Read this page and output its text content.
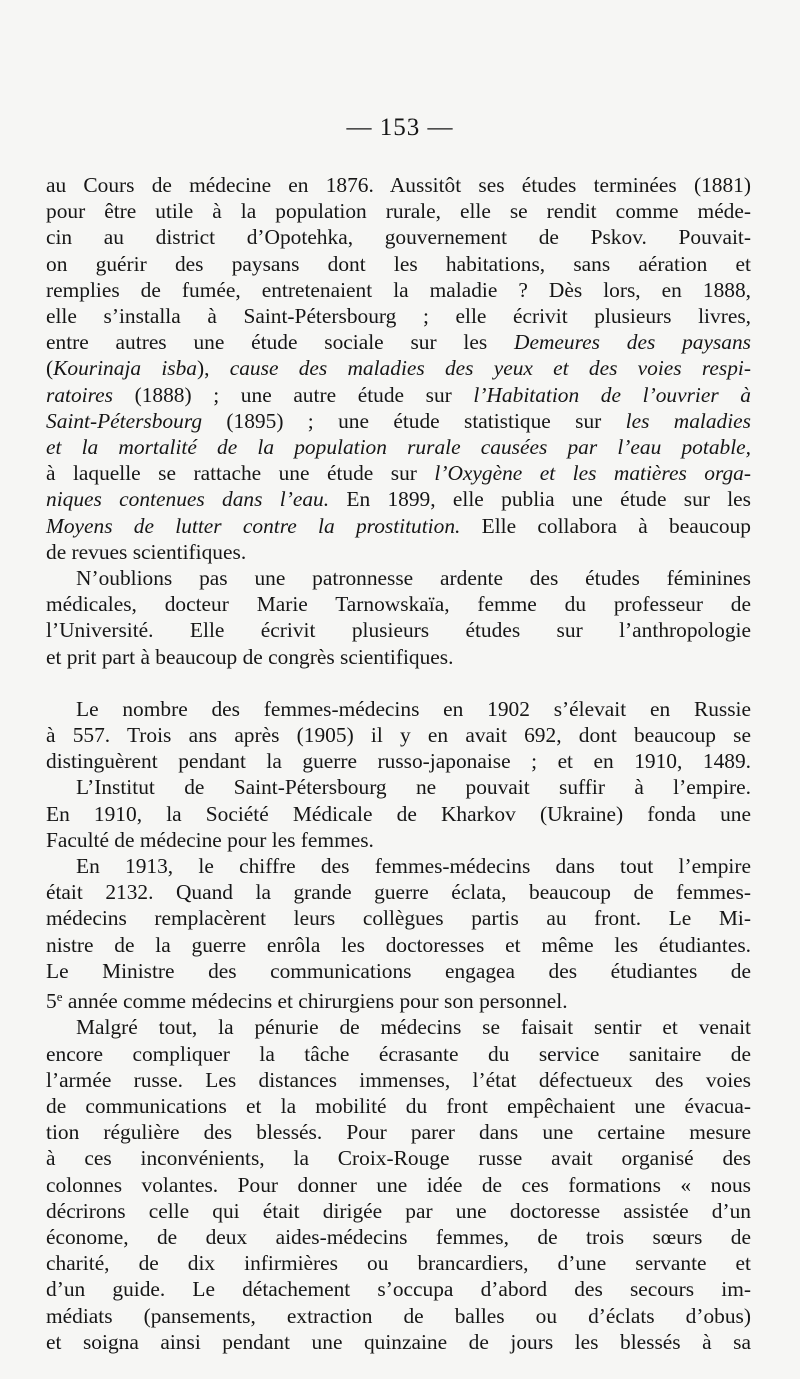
— 153 —
au Cours de médecine en 1876. Aussitôt ses études terminées (1881)
pour être utile à la population rurale, elle se rendit comme méde-
cin au district d’Opotehka, gouvernement de Pskov. Pouvait-
on guérir des paysans dont les habitations, sans aération et
remplies de fumée, entretenaient la maladie ? Dès lors, en 1888,
elle s’installa à Saint-Pétersbourg ; elle écrivit plusieurs livres,
entre autres une étude sociale sur les Demeures des paysans
(Kourinaja isba), cause des maladies des yeux et des voies respi-
ratoires (1888) ; une autre étude sur l’Habitation de l’ouvrier à
Saint-Pétersbourg (1895) ; une étude statistique sur les maladies
et la mortalité de la population rurale causées par l’eau potable,
à laquelle se rattache une étude sur l’Oxygène et les matières orga-
niques contenues dans l’eau. En 1899, elle publia une étude sur les
Moyens de lutter contre la prostitution. Elle collabora à beaucoup
de revues scientifiques.
N’oublions pas une patronnesse ardente des études féminines
médicales, docteur Marie Tarnowskaïa, femme du professeur de
l’Université. Elle écrivit plusieurs études sur l’anthropologie
et prit part à beaucoup de congrès scientifiques.
Le nombre des femmes-médecins en 1902 s’élevait en Russie
à 557. Trois ans après (1905) il y en avait 692, dont beaucoup se
distinguèrent pendant la guerre russo-japonaise ; et en 1910, 1489.
L’Institut de Saint-Pétersbourg ne pouvait suffir à l’empire.
En 1910, la Société Médicale de Kharkov (Ukraine) fonda une
Faculté de médecine pour les femmes.
En 1913, le chiffre des femmes-médecins dans tout l’empire
était 2132. Quand la grande guerre éclata, beaucoup de femmes-
médecins remplacèrent leurs collègues partis au front. Le Mi-
nistre de la guerre enrôla les doctoresses et même les étudiantes.
Le Ministre des communications engagea des étudiantes de
5e année comme médecins et chirurgiens pour son personnel.
Malgré tout, la pénurie de médecins se faisait sentir et venait
encore compliquer la tâche écrasante du service sanitaire de
l’armée russe. Les distances immenses, l’état défectueux des voies
de communications et la mobilité du front empêchaient une évacua-
tion régulière des blessés. Pour parer dans une certaine mesure
à ces inconvénients, la Croix-Rouge russe avait organisé des
colonnes volantes. Pour donner une idée de ces formations « nous
décrirons celle qui était dirigée par une doctoresse assistée d’un
économe, de deux aides-médecins femmes, de trois sœurs de
charité, de dix infirmières ou brancardiers, d’une servante et
d’un guide. Le détachement s’occupa d’abord des secours im-
médiats (pansements, extraction de balles ou d’éclats d’obus)
et soigna ainsi pendant une quinzaine de jours les blessés à sa
